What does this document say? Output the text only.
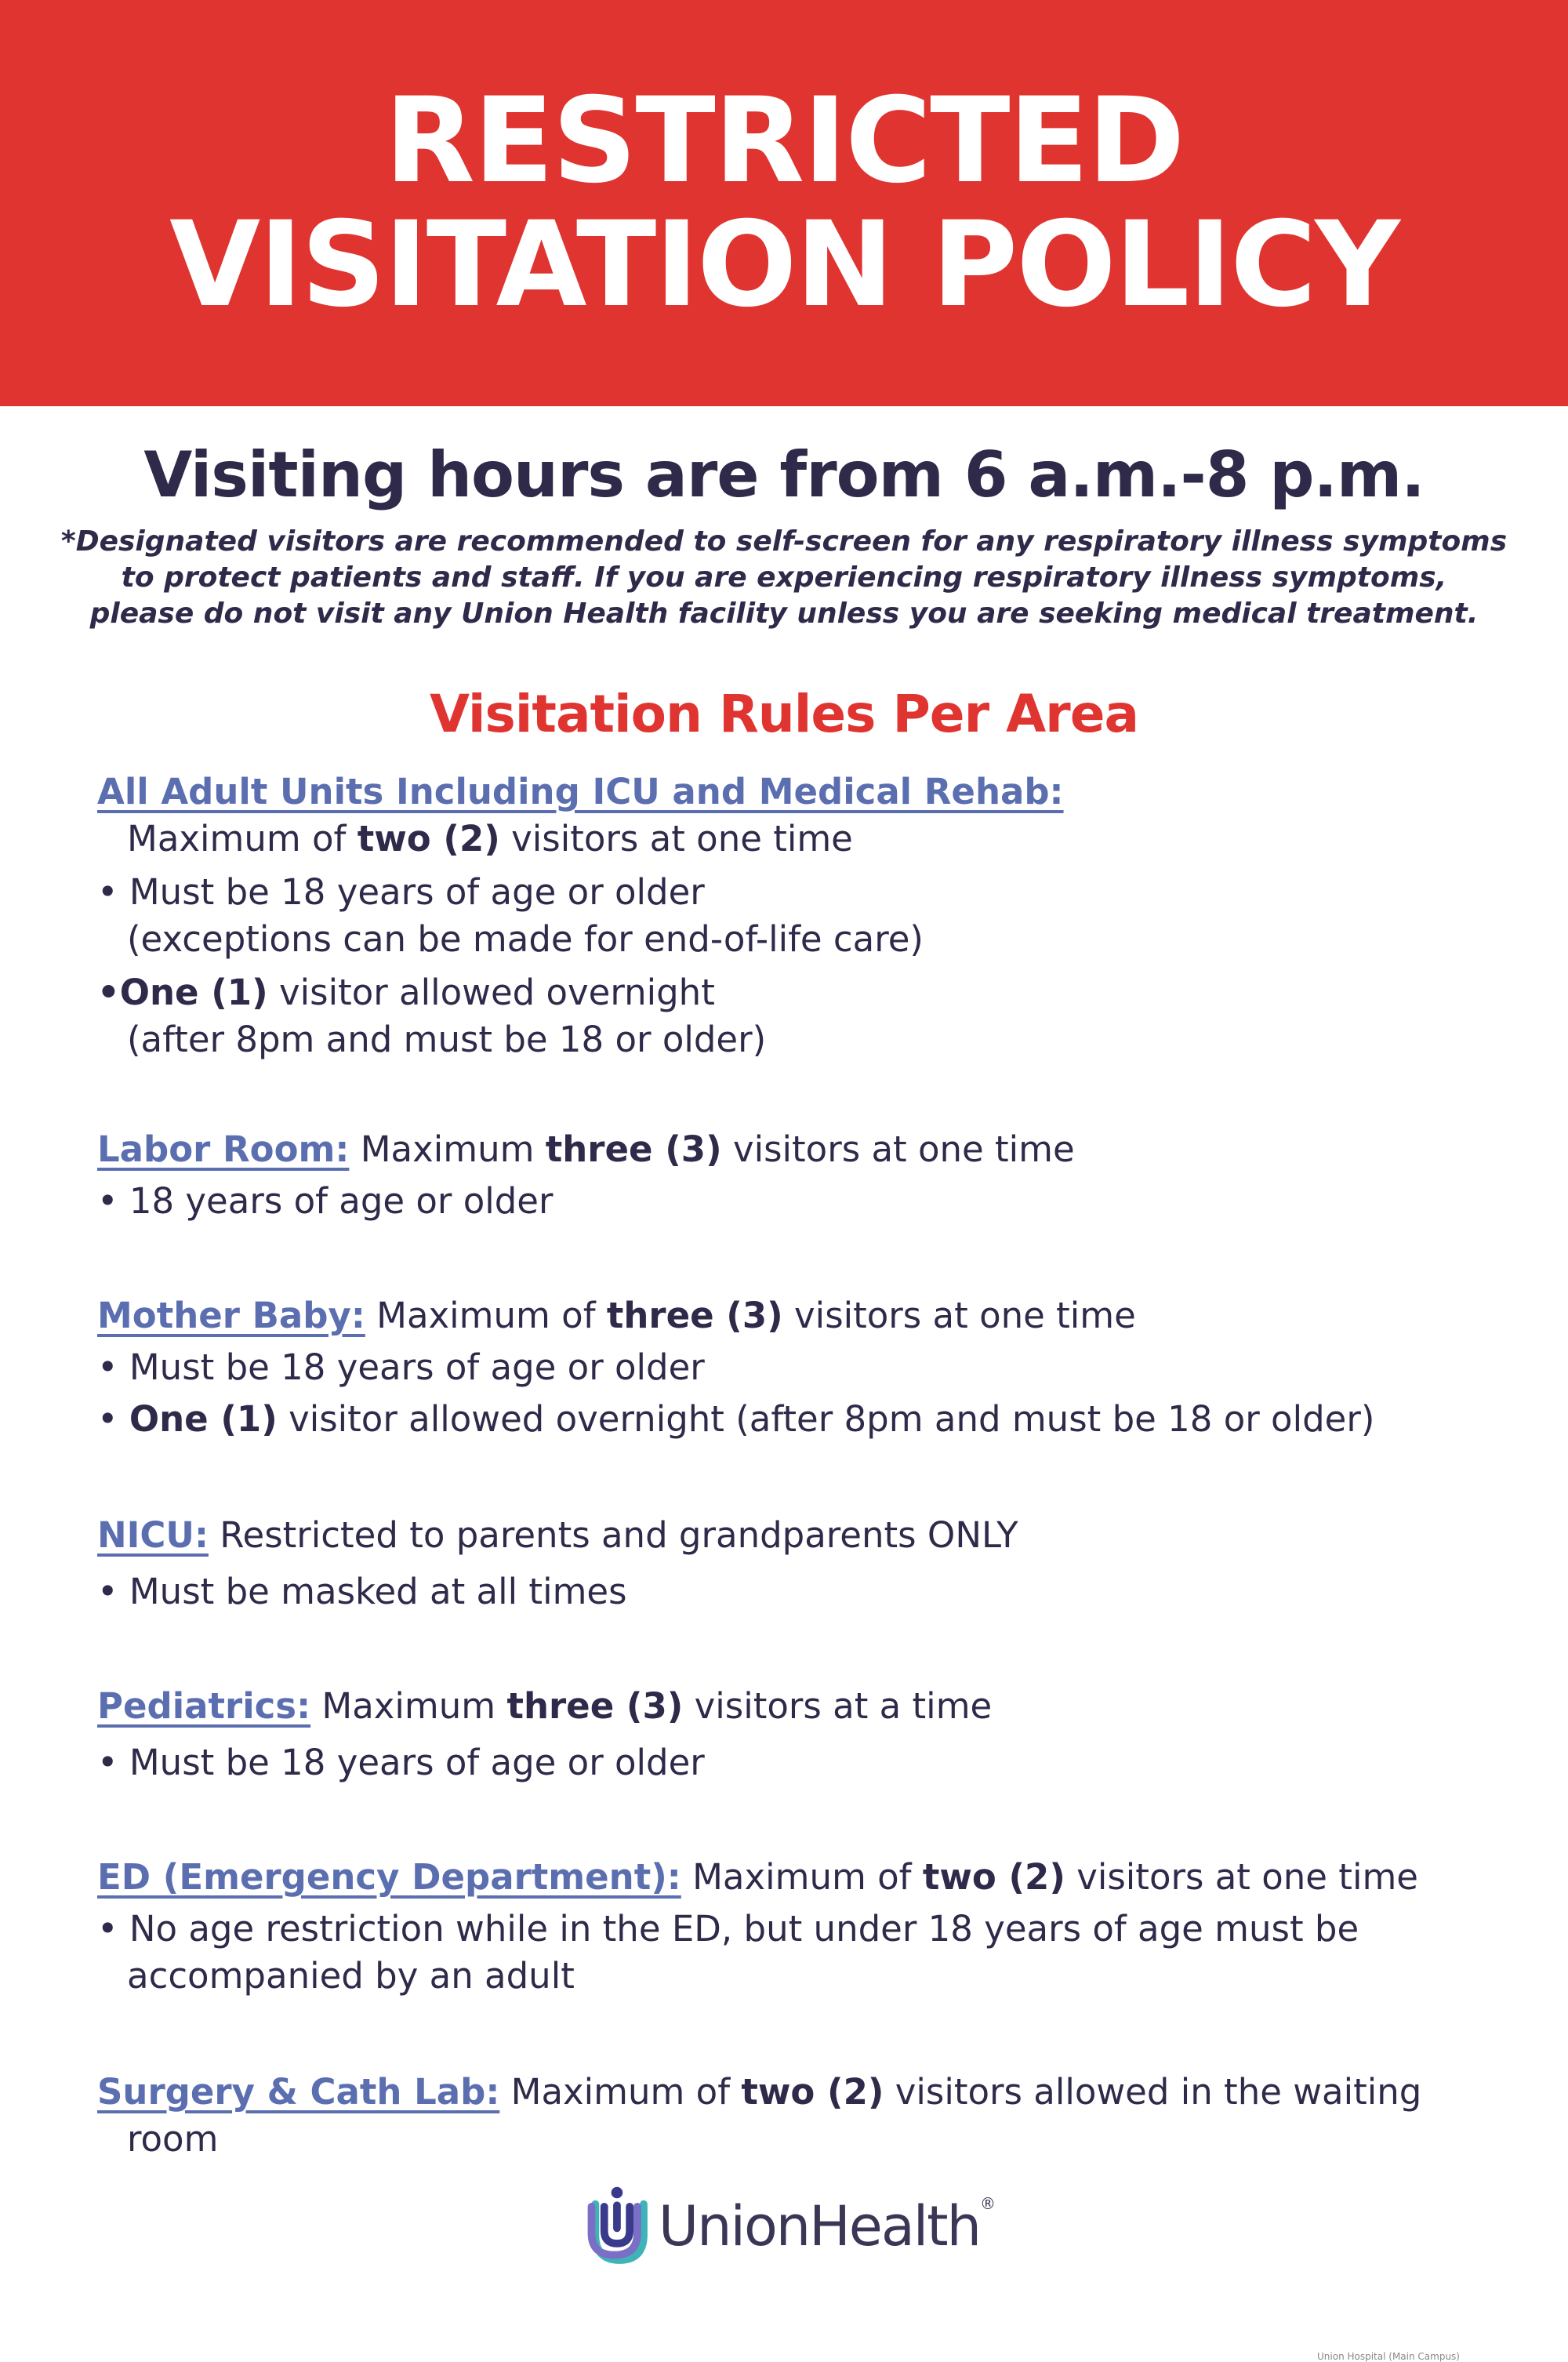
RESTRICTED
VISITATION POLICY
Visiting hours are from 6 a.m.-8 p.m.
*Designated visitors are recommended to self-screen for any respiratory illness symptoms
to protect patients and staff. If you are experiencing respiratory illness symptoms,
please do not visit any Union Health facility unless you are seeking medical treatment.
Visitation Rules Per Area
All Adult Units Including ICU and Medical Rehab:
Maximum of two (2) visitors at one time
• Must be 18 years of age or older
(exceptions can be made for end-of-life care)
•One (1) visitor allowed overnight
(after 8pm and must be 18 or older)
Labor Room: Maximum three (3) visitors at one time
• 18 years of age or older
Mother Baby: Maximum of three (3) visitors at one time
• Must be 18 years of age or older
• One (1) visitor allowed overnight (after 8pm and must be 18 or older)
NICU: Restricted to parents and grandparents ONLY
• Must be masked at all times
Pediatrics: Maximum three (3) visitors at a time
• Must be 18 years of age or older
ED (Emergency Department): Maximum of two (2) visitors at one time
• No age restriction while in the ED, but under 18 years of age must be
accompanied by an adult
Surgery & Cath Lab: Maximum of two (2) visitors allowed in the waiting
room
UnionHealth®
Union Hospital (Main Campus)
